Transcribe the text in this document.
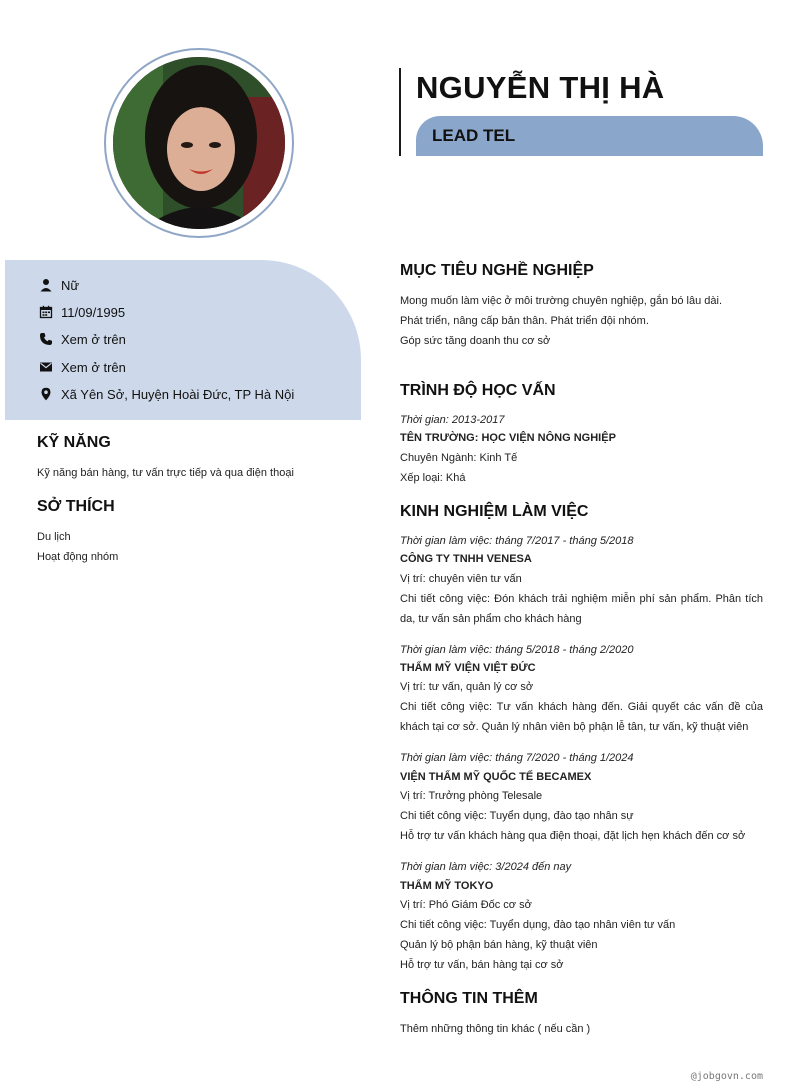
NGUYỄN THỊ HÀ
LEAD TEL
Nữ
11/09/1995
Xem ở trên
Xem ở trên
Xã Yên Sở, Huyện Hoài Đức, TP Hà Nội
KỸ NĂNG
Kỹ năng bán hàng, tư vấn trực tiếp và qua điện thoại
SỞ THÍCH
Du lịch
Hoạt động nhóm
MỤC TIÊU NGHỀ NGHIỆP
Mong muốn làm việc ở môi trường chuyên nghiệp, gắn bó lâu dài.
Phát triển, nâng cấp bản thân. Phát triển đội nhóm.
Góp sức tăng doanh thu cơ sở
TRÌNH ĐỘ HỌC VẤN
Thời gian: 2013-2017
TÊN TRƯỜNG: HỌC VIỆN NÔNG NGHIỆP
Chuyên Ngành: Kinh Tế
Xếp loại: Khá
KINH NGHIỆM LÀM VIỆC
Thời gian làm việc: tháng 7/2017 - tháng 5/2018
CÔNG TY TNHH VENESA
Vị trí: chuyên viên tư vấn
Chi tiết công việc: Đón khách trải nghiệm miễn phí sản phẩm. Phân tích da, tư vấn sản phẩm cho khách hàng
Thời gian làm việc: tháng 5/2018 - tháng 2/2020
THẨM MỸ VIỆN VIỆT ĐỨC
Vị trí: tư vấn, quản lý cơ sở
Chi tiết công việc: Tư vấn khách hàng đến. Giải quyết các vấn đề của khách tại cơ sở. Quản lý nhân viên bộ phận lễ tân, tư vấn, kỹ thuật viên
Thời gian làm việc: tháng 7/2020 - tháng 1/2024
VIỆN THẨM MỸ QUỐC TẾ BECAMEX
Vị trí: Trưởng phòng Telesale
Chi tiết công việc: Tuyển dụng, đào tạo nhân sự
Hỗ trợ tư vấn khách hàng qua điện thoại, đặt lịch hẹn khách đến cơ sở
Thời gian làm việc: 3/2024 đến nay
THẨM MỸ TOKYO
Vị trí: Phó Giám Đốc cơ sở
Chi tiết công việc: Tuyển dụng, đào tạo nhân viên tư vấn
Quản lý bộ phận bán hàng, kỹ thuật viên
Hỗ trợ tư vấn, bán hàng tại cơ sở
THÔNG TIN THÊM
Thêm những thông tin khác ( nếu cần )
@jobgovn.com
